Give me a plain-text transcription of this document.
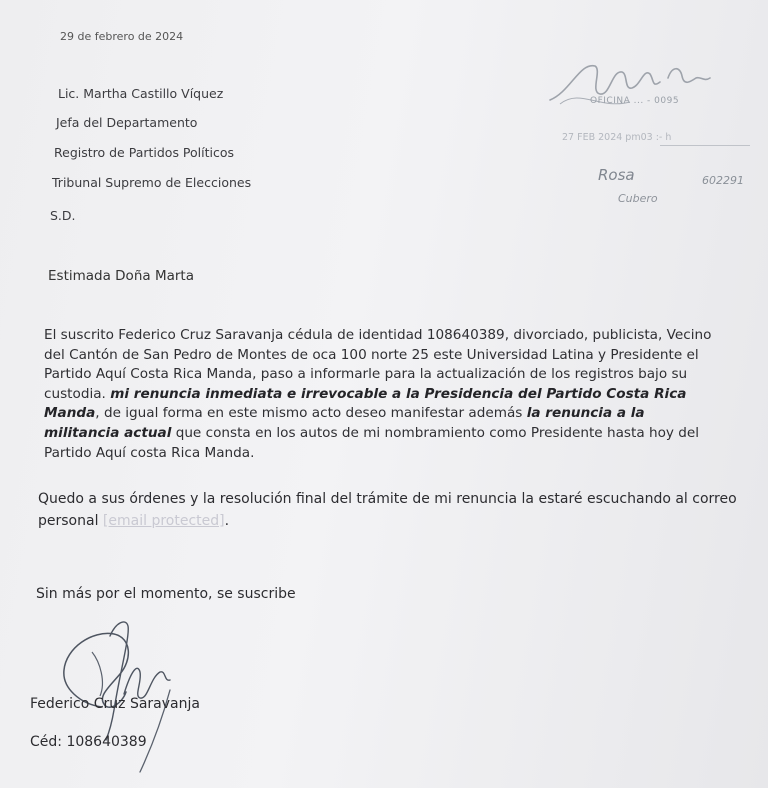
29 de febrero de 2024
Lic. Martha Castillo Víquez
Jefa del Departamento
Registro de Partidos Políticos
Tribunal Supremo de Elecciones
S.D.
OFICINA ... - 0095
27 FEB 2024 pm03 :- h
Rosa	602291
Cubero
Estimada Doña Marta
El suscrito Federico Cruz Saravanja cédula de identidad 108640389, divorciado, publicista, Vecino del Cantón de San Pedro de Montes de oca 100 norte 25 este Universidad Latina y Presidente el Partido Aquí Costa Rica Manda, paso a informarle para la actualización de los registros bajo su custodia. mi renuncia inmediata e irrevocable a la Presidencia del Partido Costa Rica Manda, de igual forma en este mismo acto deseo manifestar además la renuncia a la militancia actual que consta en los autos de mi nombramiento como Presidente hasta hoy del Partido Aquí costa Rica Manda.
Quedo a sus órdenes y la resolución final del trámite de mi renuncia la estaré escuchando al correo personal [email protected].
Sin más por el momento, se suscribe
Federico Cruz Saravanja
Céd: 108640389
